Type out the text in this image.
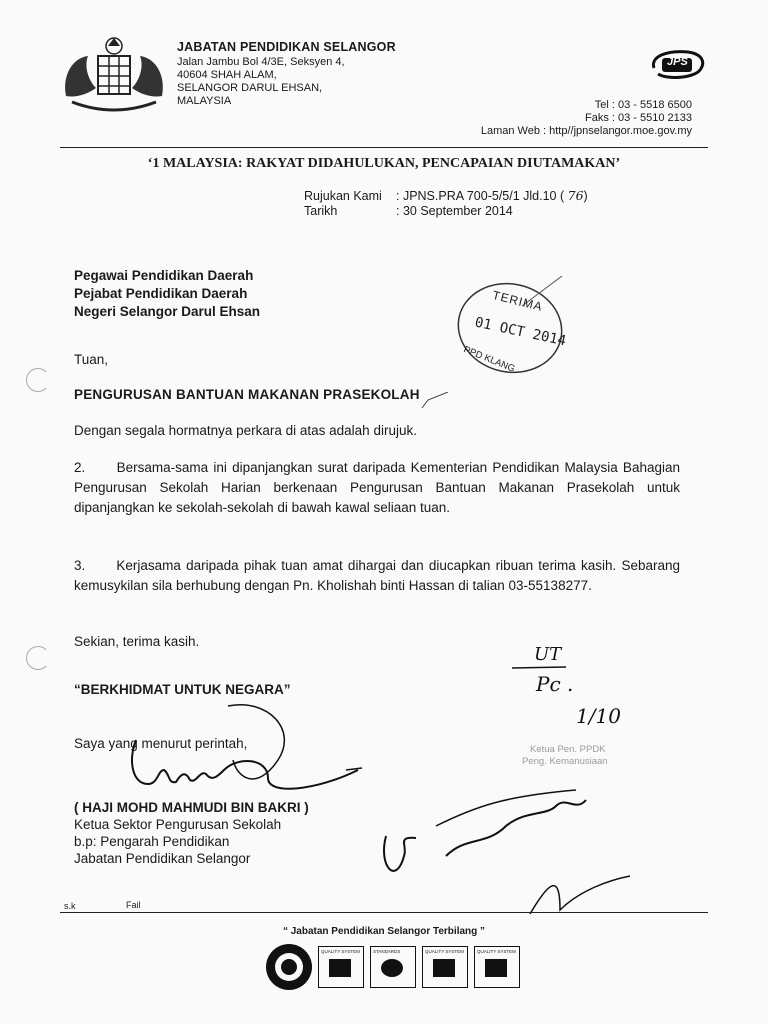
JABATAN PENDIDIKAN SELANGOR
Jalan Jambu Bol 4/3E, Seksyen 4,
40604 SHAH ALAM,
SELANGOR DARUL EHSAN,
MALAYSIA
JPS
Tel : 03 - 5518 6500
Faks : 03 - 5510 2133
Laman Web : http//jpnselangor.moe.gov.my
‘1 MALAYSIA: RAKYAT DIDAHULUKAN, PENCAPAIAN DIUTAMAKAN’
Rujukan Kami : JPNS.PRA 700-5/5/1 Jld.10 ( 76)
Tarikh	: 30 September 2014
Pegawai Pendidikan Daerah
Pejabat Pendidikan Daerah
Negeri Selangor Darul Ehsan	TERIMA
01 OCT 2014
PPD KLANG
Tuan,
PENGURUSAN BANTUAN MAKANAN PRASEKOLAH
Dengan segala hormatnya perkara di atas adalah dirujuk.
2.      Bersama-sama ini dipanjangkan surat daripada Kementerian Pendidikan Malaysia Bahagian Pengurusan Sekolah Harian berkenaan Pengurusan Bantuan Makanan Prasekolah untuk dipanjangkan ke sekolah-sekolah di bawah kawal seliaan tuan.
3.      Kerjasama daripada pihak tuan amat dihargai dan diucapkan ribuan terima kasih. Sebarang kemusykilan sila berhubung dengan Pn. Kholishah binti Hassan di talian 03-55138277.
Sekian, terima kasih.
“BERKHIDMAT UNTUK NEGARA”
Saya yang menurut perintah,
( HAJI MOHD MAHMUDI BIN BAKRI )
Ketua Sektor Pengurusan Sekolah
b.p: Pengarah Pendidikan
Jabatan Pendidikan Selangor
UT
Pc .
1/10
Ketua Pen. PPDK
Peng. Kemanusiaan
s.k	Fail
“ Jabatan Pendidikan Selangor Terbilang ”
QUALITY SYSTEM	STANDARDS	QUALITY SYSTEM	QUALITY SYSTEM
